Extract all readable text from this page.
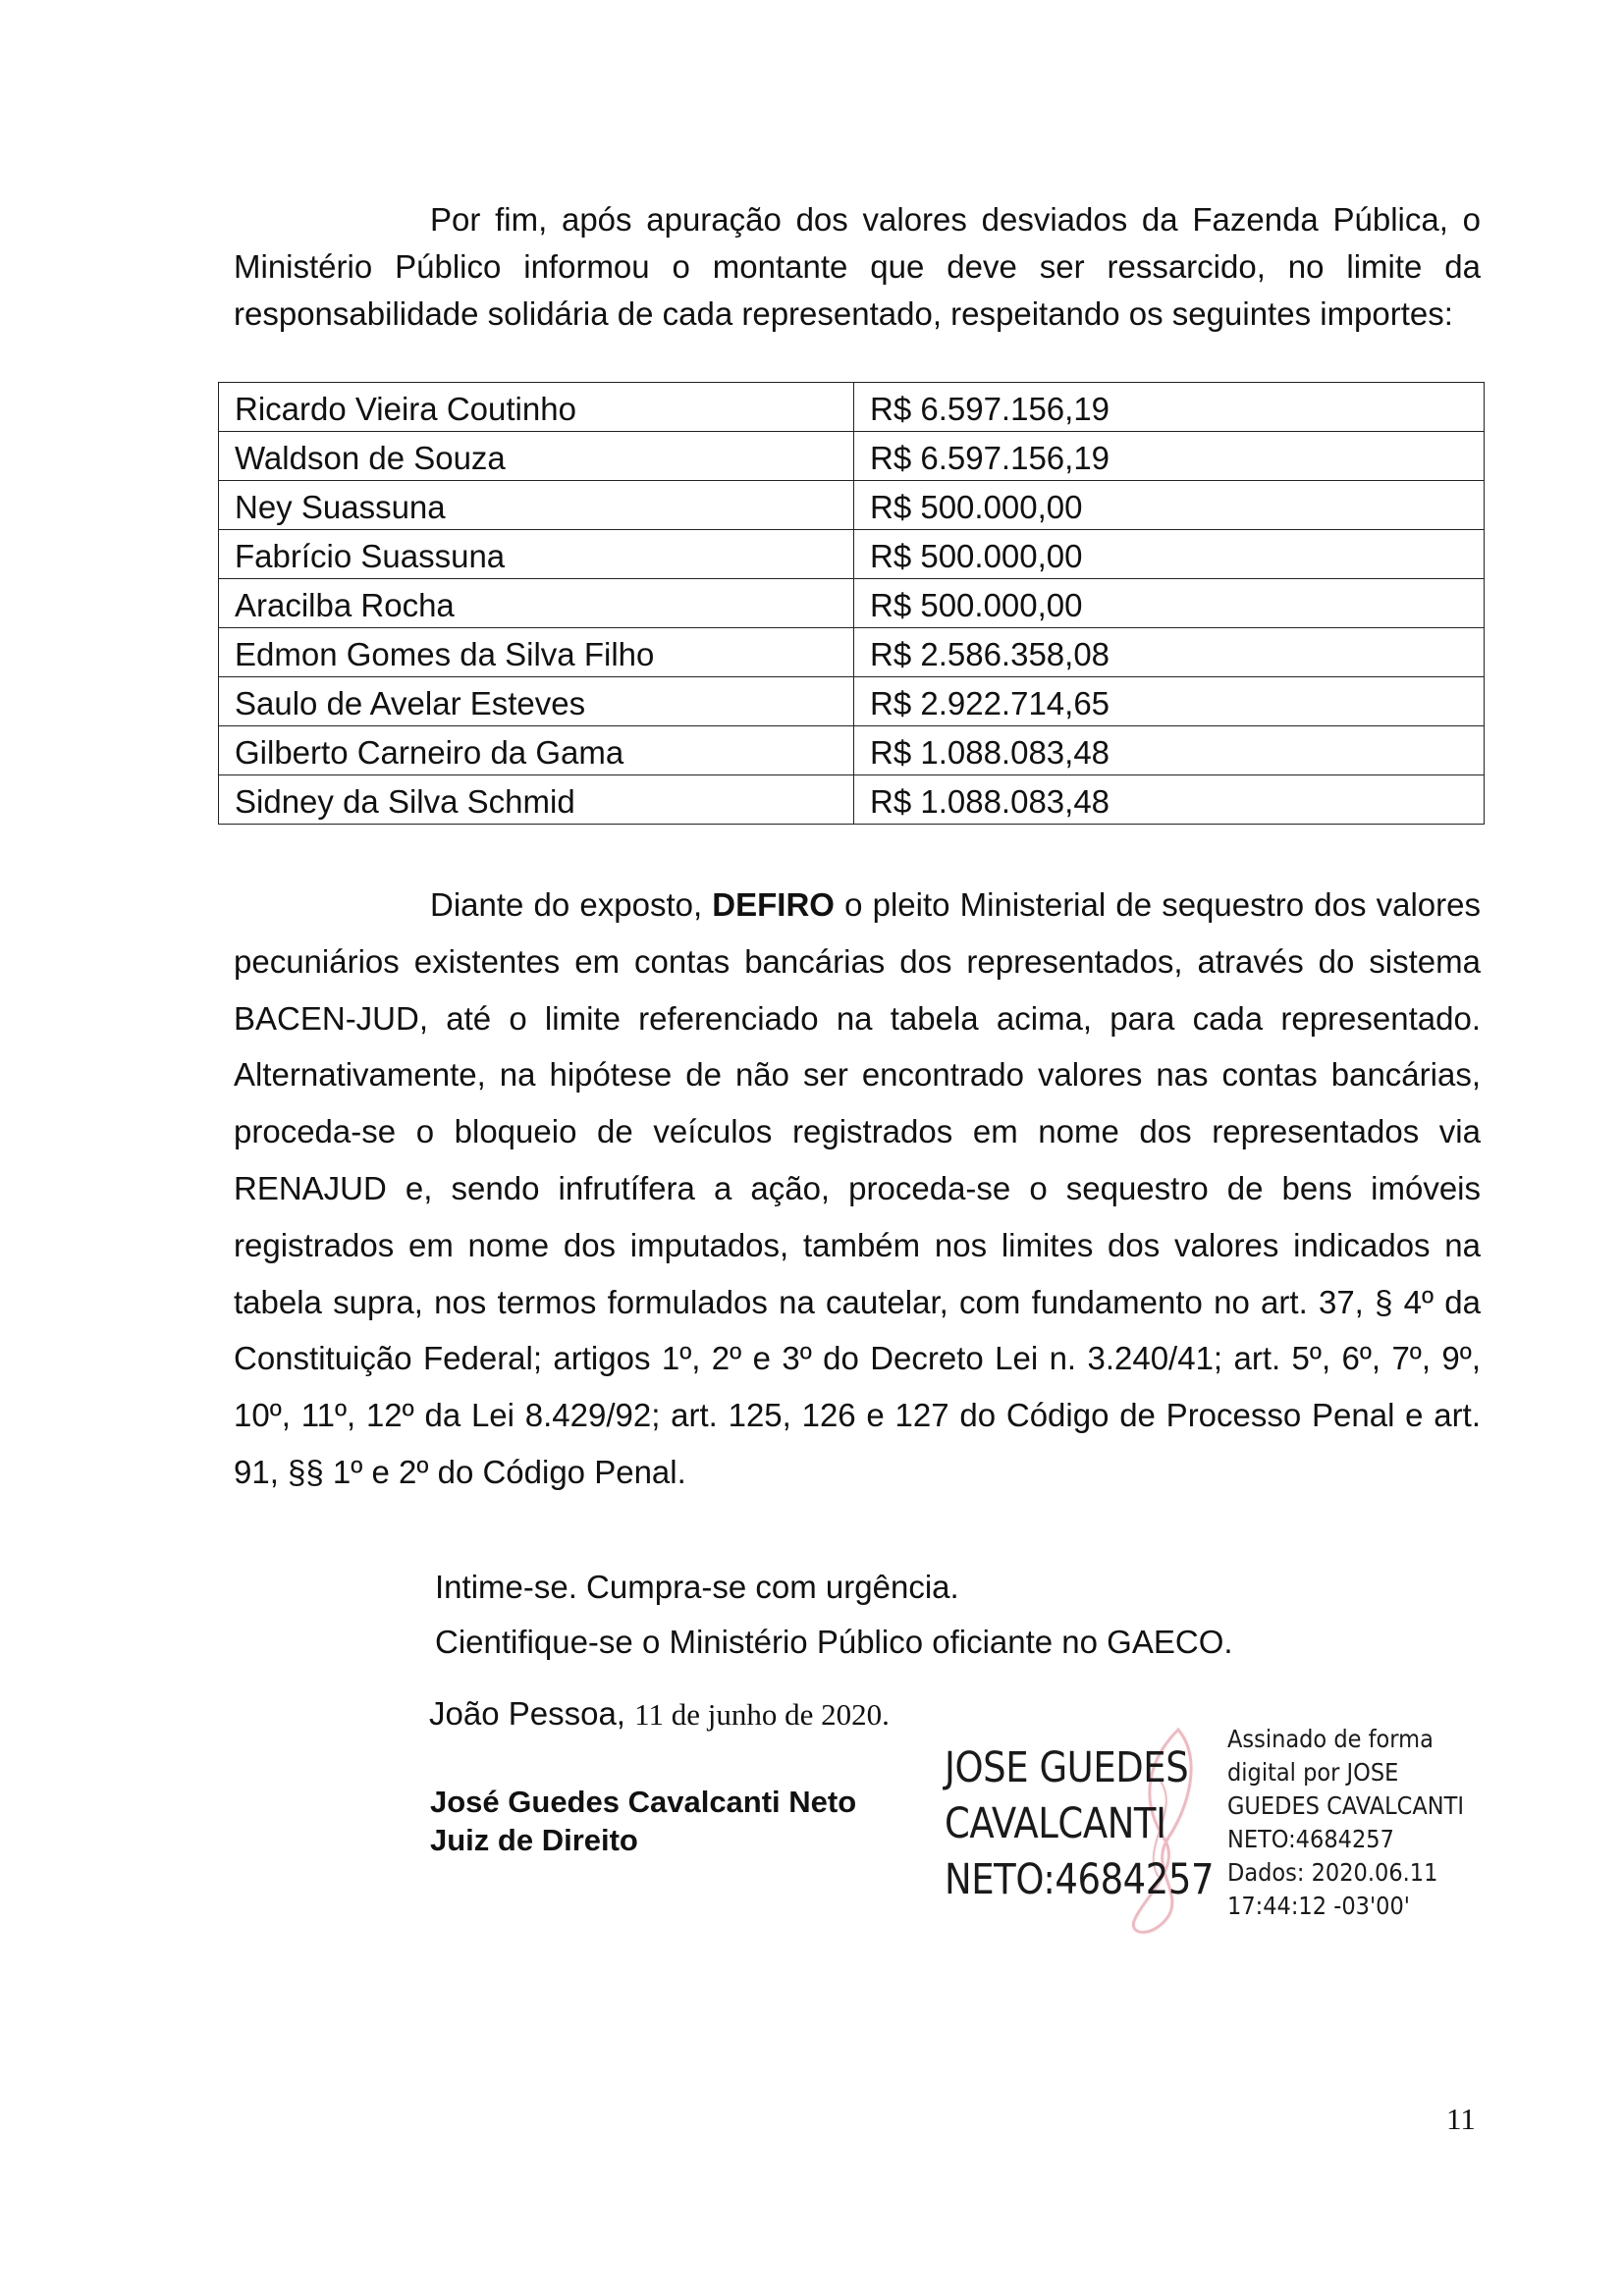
Por fim, após apuração dos valores desviados da Fazenda Pública, o Ministério Público informou o montante que deve ser ressarcido, no limite da responsabilidade solidária de cada representado, respeitando os seguintes importes:

Ricardo Vieira Coutinho	R$ 6.597.156,19
Waldson de Souza	R$ 6.597.156,19
Ney Suassuna	R$ 500.000,00
Fabrício Suassuna	R$ 500.000,00
Aracilba Rocha	R$ 500.000,00
Edmon Gomes da Silva Filho	R$ 2.586.358,08
Saulo de Avelar Esteves	R$ 2.922.714,65
Gilberto Carneiro da Gama	R$ 1.088.083,48
Sidney da Silva Schmid	R$ 1.088.083,48

Diante do exposto, DEFIRO o pleito Ministerial de sequestro dos valores pecuniários existentes em contas bancárias dos representados, através do sistema BACEN-JUD, até o limite referenciado na tabela acima, para cada representado. Alternativamente, na hipótese de não ser encontrado valores nas contas bancárias, proceda-se o bloqueio de veículos registrados em nome dos representados via RENAJUD e, sendo infrutífera a ação, proceda-se o sequestro de bens imóveis registrados em nome dos imputados, também nos limites dos valores indicados na tabela supra, nos termos formulados na cautelar, com fundamento no art. 37, § 4º da Constituição Federal; artigos 1º, 2º e 3º do Decreto Lei n. 3.240/41; art. 5º, 6º, 7º, 9º, 10º, 11º, 12º da Lei 8.429/92; art. 125, 126 e 127 do Código de Processo Penal e art. 91, §§ 1º e 2º do Código Penal.

Intime-se. Cumpra-se com urgência.

Cientifique-se o Ministério Público oficiante no GAECO.

João Pessoa, 11 de junho de 2020.

José Guedes Cavalcanti Neto

Juiz de Direito

JOSE GUEDES

CAVALCANTI

NETO:4684257

Assinado de forma

digital por JOSE

GUEDES CAVALCANTI

NETO:4684257

Dados: 2020.06.11

17:44:12 -03'00'

11
